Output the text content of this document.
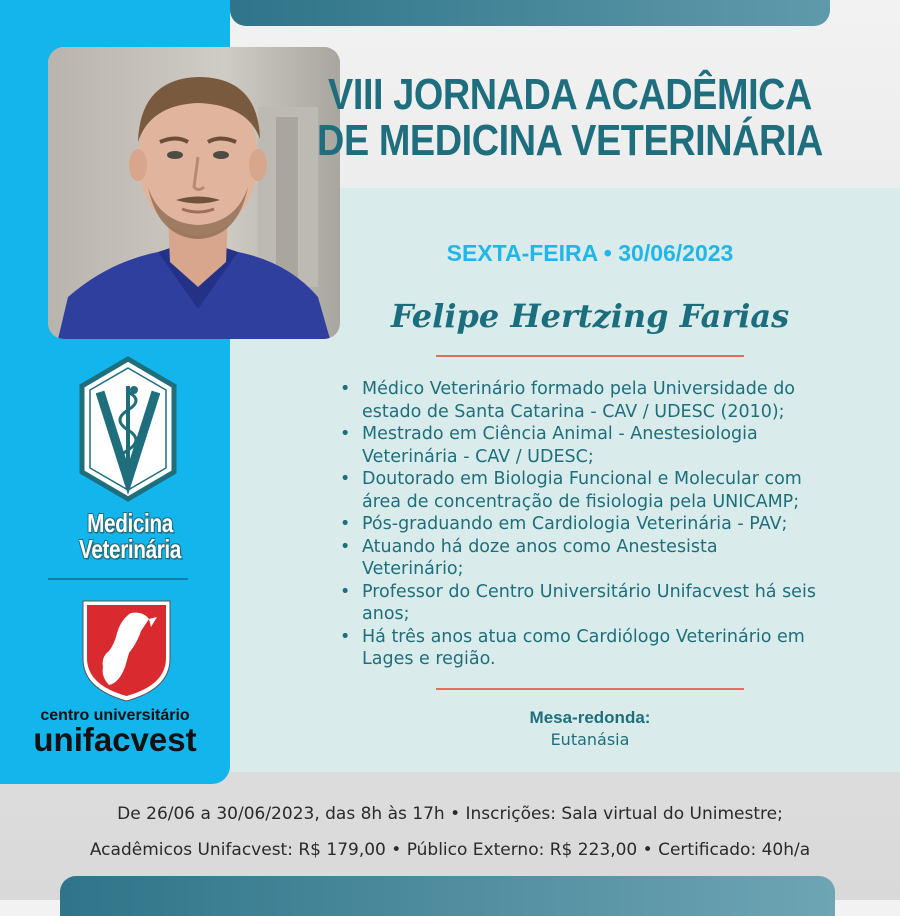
VIII JORNADA ACADÊMICA
DE MEDICINA VETERINÁRIA
SEXTA-FEIRA • 30/06/2023
Felipe Hertzing Farias
• Médico Veterinário formado pela Universidade do
estado de Santa Catarina - CAV / UDESC (2010);
• Mestrado em Ciência Animal - Anestesiologia
Veterinária - CAV / UDESC;
• Doutorado em Biologia Funcional e Molecular com
área de concentração de fisiologia pela UNICAMP;
• Pós-graduando em Cardiologia Veterinária - PAV;
• Atuando há doze anos como Anestesista
Veterinário;
• Professor do Centro Universitário Unifacvest há seis
anos;
• Há três anos atua como Cardiólogo Veterinário em
Lages e região.
Mesa-redonda:
Eutanásia
Medicina
Veterinária
centro universitário
unifacvest
De 26/06 a 30/06/2023, das 8h às 17h • Inscrições: Sala virtual do Unimestre;
Acadêmicos Unifacvest: R$ 179,00 • Público Externo: R$ 223,00 • Certificado: 40h/a
